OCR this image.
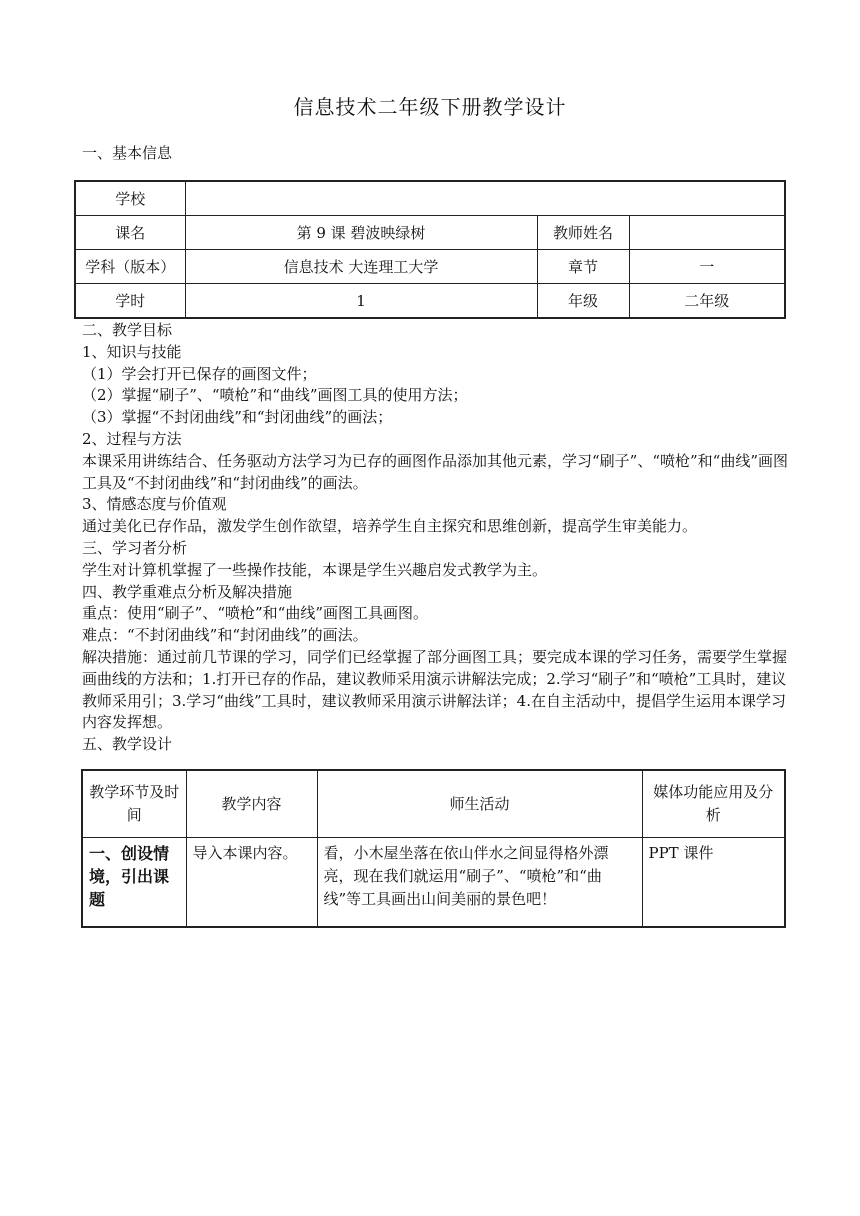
信息技术二年级下册教学设计
一、基本信息
学校			
课名	第 9 课 碧波映绿树	教师姓名	
学科（版本）	信息技术 大连理工大学	章节	一
学时	1	年级	二年级

二、教学目标

1、知识与技能

（1）学会打开已保存的画图文件；

（2）掌握“刷子”、“喷枪”和“曲线”画图工具的使用方法；

（3）掌握“不封闭曲线”和“封闭曲线”的画法；

2、过程与方法

本课采用讲练结合、任务驱动方法学习为已存的画图作品添加其他元素，学习“刷子”、“喷枪”和“曲线”画图工具及“不封闭曲线”和“封闭曲线”的画法。

3、情感态度与价值观

通过美化已存作品，激发学生创作欲望，培养学生自主探究和思维创新，提高学生审美能力。

三、学习者分析

学生对计算机掌握了一些操作技能，本课是学生兴趣启发式教学为主。

四、教学重难点分析及解决措施

重点：使用“刷子”、“喷枪”和“曲线”画图工具画图。

难点：“不封闭曲线”和“封闭曲线”的画法。

解决措施：通过前几节课的学习，同学们已经掌握了部分画图工具；要完成本课的学习任务，需要学生掌握画曲线的方法和；1.打开已存的作品，建议教师采用演示讲解法完成；2.学习“刷子”和“喷枪”工具时，建议教师采用引；3.学习“曲线”工具时，建议教师采用演示讲解法详；4.在自主活动中，提倡学生运用本课学习内容发挥想。

五、教学设计

教学环节及时间	教学内容	师生活动	媒体功能应用及分析
一、创设情境，引出课题	导入本课内容。	看，小木屋坐落在依山伴水之间显得格外漂亮，现在我们就运用“刷子”、“喷枪”和“曲线”等工具画出山间美丽的景色吧！	PPT 课件
